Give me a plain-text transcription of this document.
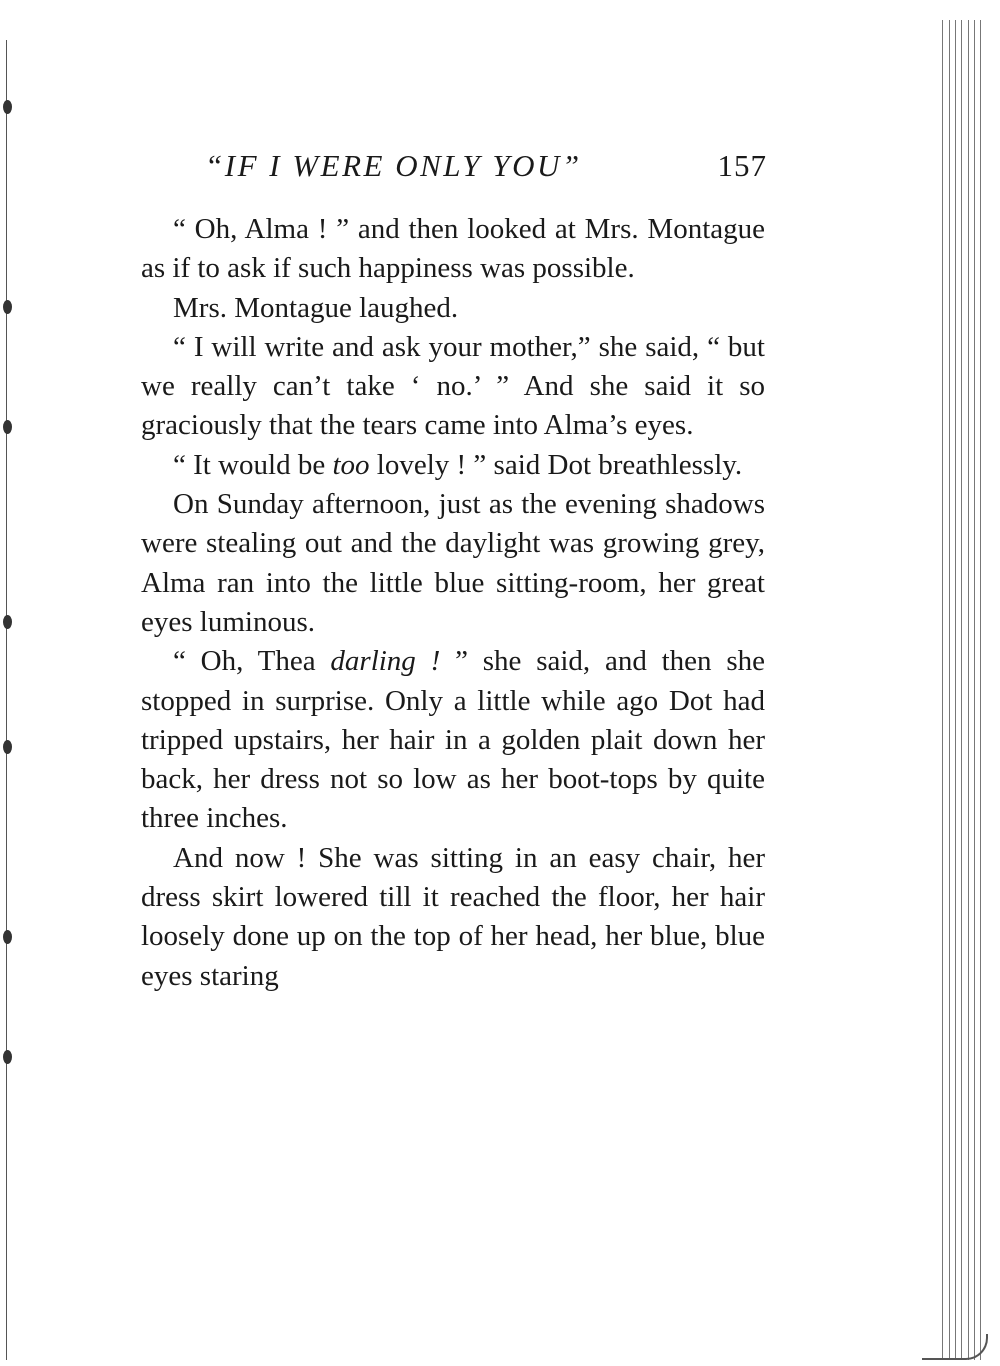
“IF I WERE ONLY YOU”	157

“ Oh, Alma ! ” and then looked at Mrs. Montague as if to ask if such happiness was possible.

Mrs. Montague laughed.

“ I will write and ask your mother,” she said, “ but we really can’t take ‘ no.’ ” And she said it so graciously that the tears came into Alma’s eyes.

“ It would be too lovely ! ” said Dot breathlessly.

On Sunday afternoon, just as the evening shadows were stealing out and the daylight was growing grey, Alma ran into the little blue sitting-room, her great eyes luminous.

“ Oh, Thea darling ! ” she said, and then she stopped in surprise. Only a little while ago Dot had tripped upstairs, her hair in a golden plait down her back, her dress not so low as her boot-tops by quite three inches.

And now ! She was sitting in an easy chair, her dress skirt lowered till it reached the floor, her hair loosely done up on the top of her head, her blue, blue eyes staring
